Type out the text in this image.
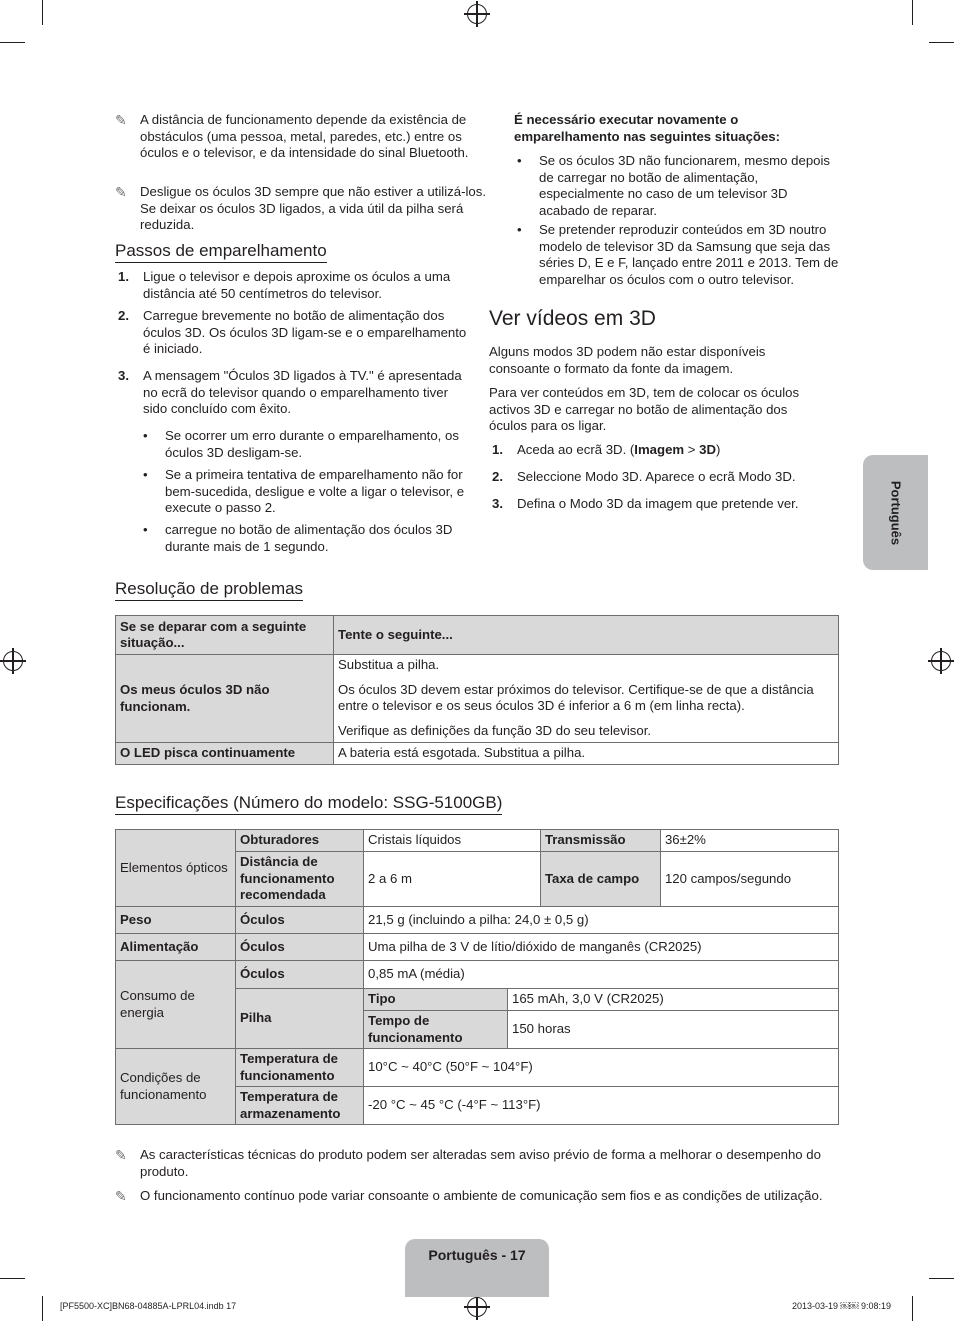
✎ A distância de funcionamento depende da existência de obstáculos (uma pessoa, metal, paredes, etc.) entre os óculos e o televisor, e da intensidade do sinal Bluetooth.
✎ Desligue os óculos 3D sempre que não estiver a utilizá-los. Se deixar os óculos 3D ligados, a vida útil da pilha será reduzida.
Passos de emparelhamento
1. Ligue o televisor e depois aproxime os óculos a uma distância até 50 centímetros do televisor.
2. Carregue brevemente no botão de alimentação dos óculos 3D. Os óculos 3D ligam-se e o emparelhamento é iniciado.
3. A mensagem "Óculos 3D ligados à TV." é apresentada no ecrã do televisor quando o emparelhamento tiver sido concluído com êxito.
• Se ocorrer um erro durante o emparelhamento, os óculos 3D desligam-se.
• Se a primeira tentativa de emparelhamento não for bem-sucedida, desligue e volte a ligar o televisor, e execute o passo 2.
• carregue no botão de alimentação dos óculos 3D durante mais de 1 segundo.
É necessário executar novamente o emparelhamento nas seguintes situações:
• Se os óculos 3D não funcionarem, mesmo depois de carregar no botão de alimentação, especialmente no caso de um televisor 3D acabado de reparar.
• Se pretender reproduzir conteúdos em 3D noutro modelo de televisor 3D da Samsung que seja das séries D, E e F, lançado entre 2011 e 2013. Tem de emparelhar os óculos com o outro televisor.
Ver vídeos em 3D
Alguns modos 3D podem não estar disponíveis consoante o formato da fonte da imagem.
Para ver conteúdos em 3D, tem de colocar os óculos activos 3D e carregar no botão de alimentação dos óculos para os ligar.
1. Aceda ao ecrã 3D. (Imagem > 3D)
2. Seleccione Modo 3D. Aparece o ecrã Modo 3D.
3. Defina o Modo 3D da imagem que pretende ver.	Português
Resolução de problemas
Se se deparar com a seguinte situação...	Tente o seguinte...
Os meus óculos 3D não funcionam.	Substitua a pilha.
Os óculos 3D devem estar próximos do televisor. Certifique-se de que a distância entre o televisor e os seus óculos 3D é inferior a 6 m (em linha recta).
Verifique as definições da função 3D do seu televisor.

O LED pisca continuamente	A bateria está esgotada. Substitua a pilha.
Especificações (Número do modelo: SSG-5100GB)
Elementos ópticos	Obturadores	Cristais líquidos		Transmissão	36±2%
	Distância de funcionamento recomendada	2 a 6 m		Taxa de campo	120 campos/segundo
Peso	Óculos	21,5 g (incluindo a pilha: 24,0 ± 0,5 g)			
Alimentação	Óculos	Uma pilha de 3 V de lítio/dióxido de manganês (CR2025)			
Consumo de energia	Óculos	0,85 mA (média)			
	Pilha	Tipo	165 mAh, 3,0 V (CR2025)		
		Tempo de funcionamento	150 horas		
Condições de funcionamento	Temperatura de funcionamento	10°C ~ 40°C (50°F ~ 104°F)			
	Temperatura de armazenamento	-20 °C ~ 45 °C (-4°F ~ 113°F)			
✎ As características técnicas do produto podem ser alteradas sem aviso prévio de forma a melhorar o desempenho do produto.
✎ O funcionamento contínuo pode variar consoante o ambiente de comunicação sem fios e as condições de utilização.
Português - 17
[PF5500-XC]BN68-04885A-LPRL04.indb 17	2013-03-19 ￼￼ 9:08:19
